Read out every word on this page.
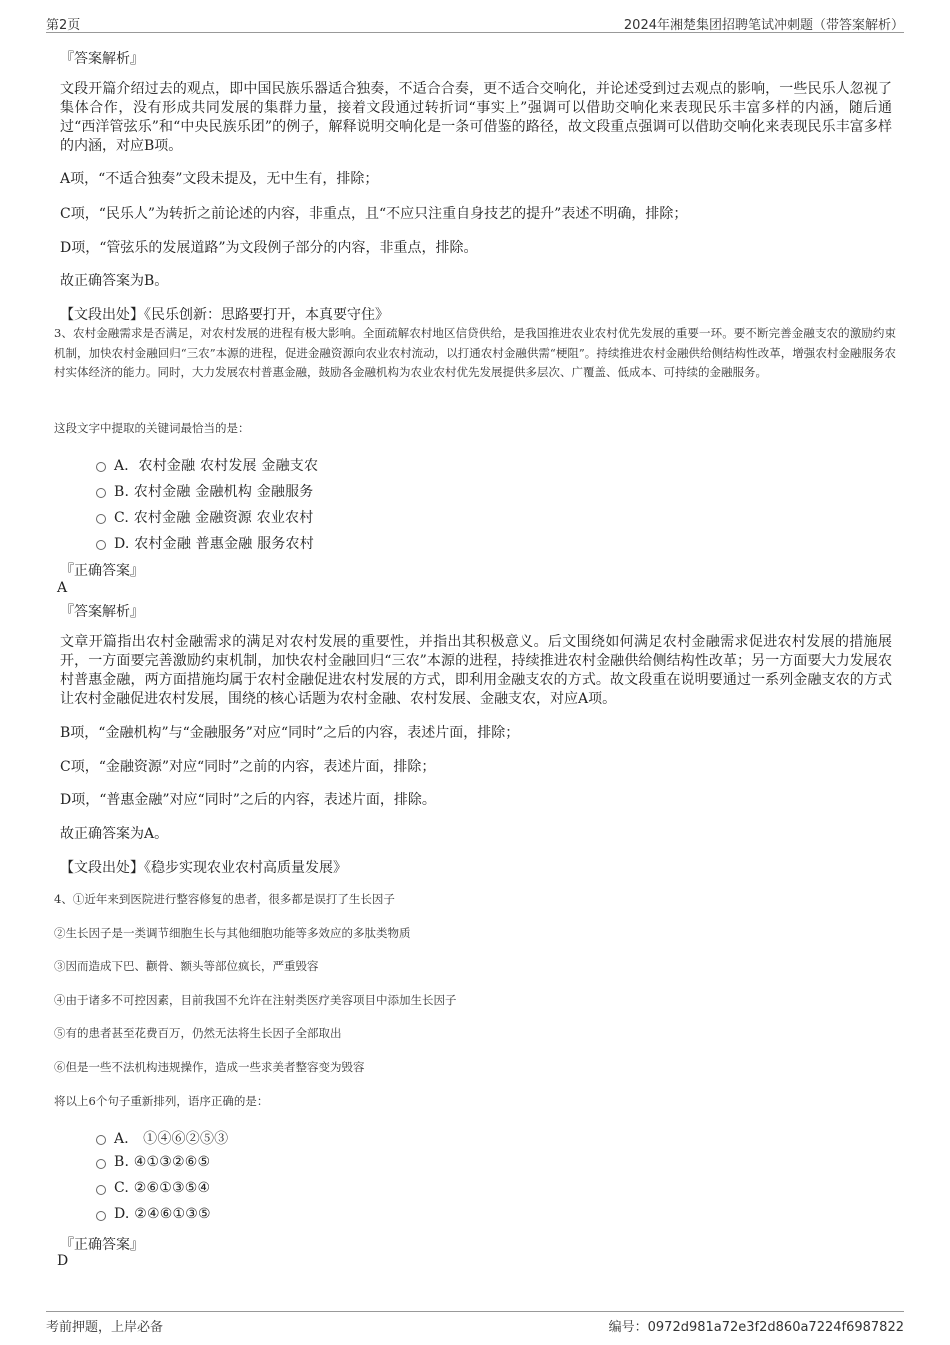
第2页	2024年湘楚集团招聘笔试冲刺题（带答案解析）
『答案解析』
文段开篇介绍过去的观点，即中国民族乐器适合独奏，不适合合奏，更不适合交响化，并论述受到过去观点的影响，一些民乐人忽视了集体合作，没有形成共同发展的集群力量，接着文段通过转折词“事实上”强调可以借助交响化来表现民乐丰富多样的内涵，随后通过“西洋管弦乐”和“中央民族乐团”的例子，解释说明交响化是一条可借鉴的路径，故文段重点强调可以借助交响化来表现民乐丰富多样的内涵，对应B项。
A项，“不适合独奏”文段未提及，无中生有，排除；
C项，“民乐人”为转折之前论述的内容，非重点，且“不应只注重自身技艺的提升”表述不明确，排除；
D项，“管弦乐的发展道路”为文段例子部分的内容，非重点，排除。
故正确答案为B。
【文段出处】《民乐创新：思路要打开，本真要守住》
3、农村金融需求是否满足，对农村发展的进程有极大影响。全面疏解农村地区信贷供给，是我国推进农业农村优先发展的重要一环。要不断完善金融支农的激励约束机制，加快农村金融回归“三农”本源的进程，促进金融资源向农业农村流动，以打通农村金融供需“梗阻”。持续推进农村金融供给侧结构性改革，增强农村金融服务农村实体经济的能力。同时，大力发展农村普惠金融，鼓励各金融机构为农业农村优先发展提供多层次、广覆盖、低成本、可持续的金融服务。
这段文字中提取的关键词最恰当的是：
A．农村金融 农村发展 金融支农
B. 农村金融 金融机构 金融服务
C. 农村金融 金融资源 农业农村
D. 农村金融 普惠金融 服务农村
『正确答案』
A
『答案解析』
文章开篇指出农村金融需求的满足对农村发展的重要性，并指出其积极意义。后文围绕如何满足农村金融需求促进农村发展的措施展开，一方面要完善激励约束机制，加快农村金融回归“三农”本源的进程，持续推进农村金融供给侧结构性改革；另一方面要大力发展农村普惠金融，两方面措施均属于农村金融促进农村发展的方式，即利用金融支农的方式。故文段重在说明要通过一系列金融支农的方式让农村金融促进农村发展，围绕的核心话题为农村金融、农村发展、金融支农，对应A项。
B项，“金融机构”与“金融服务”对应“同时”之后的内容，表述片面，排除；
C项，“金融资源”对应“同时”之前的内容，表述片面，排除；
D项，“普惠金融”对应“同时”之后的内容，表述片面，排除。
故正确答案为A。
【文段出处】《稳步实现农业农村高质量发展》
4、①近年来到医院进行整容修复的患者，很多都是误打了生长因子
②生长因子是一类调节细胞生长与其他细胞功能等多效应的多肽类物质
③因而造成下巴、颧骨、额头等部位疯长，严重毁容
④由于诸多不可控因素，目前我国不允许在注射类医疗美容项目中添加生长因子
⑤有的患者甚至花费百万，仍然无法将生长因子全部取出
⑥但是一些不法机构违规操作，造成一些求美者整容变为毁容
将以上6个句子重新排列，语序正确的是：
A． ①④⑥②⑤③
B. ④①③②⑥⑤
C. ②⑥①③⑤④
D. ②④⑥①③⑤
『正确答案』
D
考前押题，上岸必备	编号：0972d981a72e3f2d860a7224f6987822
